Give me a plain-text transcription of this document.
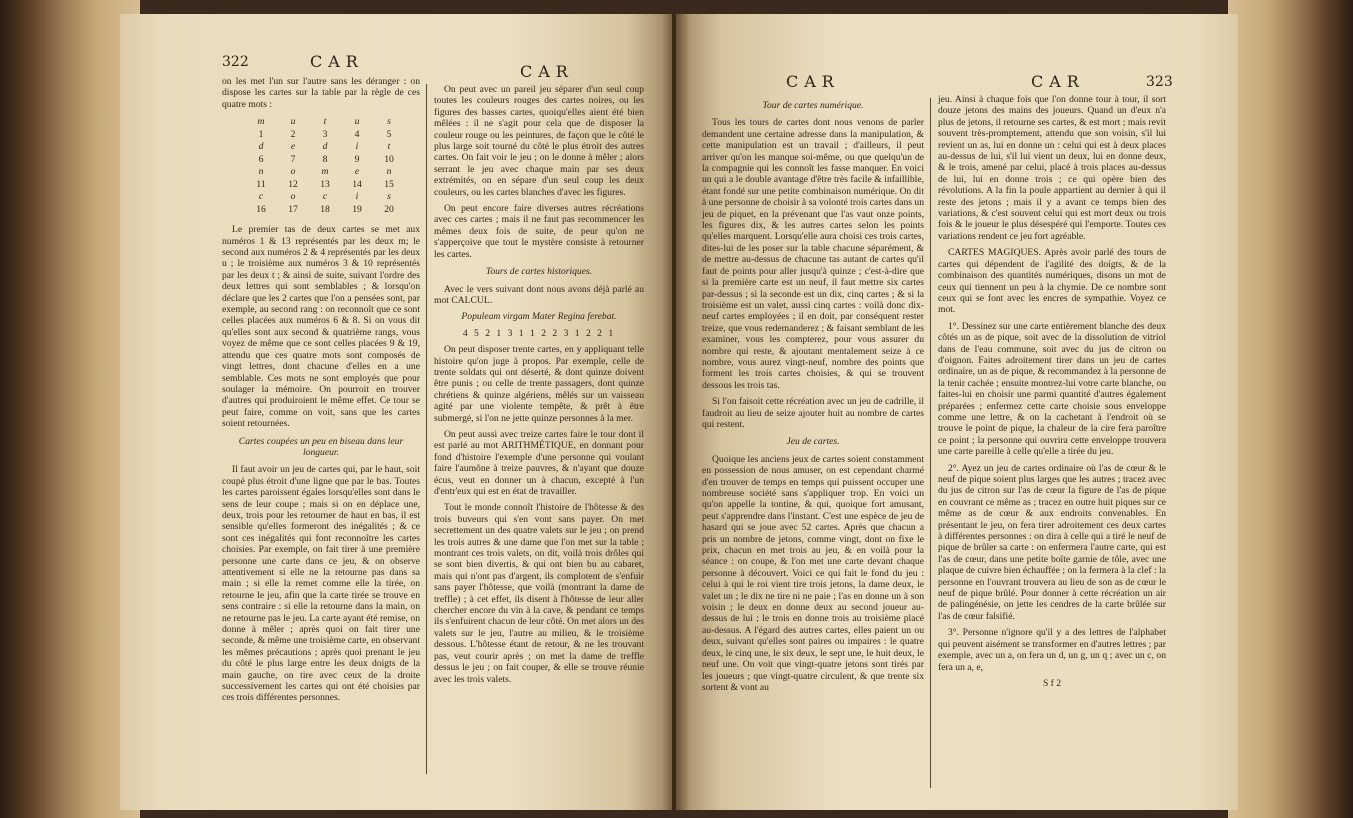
322	CAR
CAR

on les met l'un sur l'autre sans les déranger : on dispose les cartes sur la table par la règle de ces quatre mots :

m	u	t	u	s
1	2	3	4	5
d	e	d	i	t
6	7	8	9	10
n	o	m	e	n
11	12	13	14	15
c	o	c	i	s
16	17	18	19	20

Le premier tas de deux cartes se met aux numéros 1 & 13 représentés par les deux m; le second aux numéros 2 & 4 représentés par les deux u ; le troisième aux numéros 3 & 10 représentés par les deux t ; & ainsi de suite, suivant l'ordre des deux lettres qui sont semblables ; & lorsqu'on déclare que les 2 cartes que l'on a pensées sont, par exemple, au second rang : on reconnoît que ce sont celles placées aux numéros 6 & 8. Si on vous dit qu'elles sont aux second & quatrième rangs, vous voyez de même que ce sont celles placées 9 & 19, attendu que ces quatre mots sont composés de vingt lettres, dont chacune d'elles en a une semblable. Ces mots ne sont employés que pour soulager la mémoire. On pourroit en trouver d'autres qui produiroient le même effet. Ce tour se peut faire, comme on voit, sans que les cartes soient retournées.

Cartes coupées un peu en biseau dans leur longueur.

Il faut avoir un jeu de cartes qui, par le haut, soit coupé plus étroit d'une ligne que par le bas. Toutes les cartes paroissent égales lorsqu'elles sont dans le sens de leur coupe ; mais si on en déplace une, deux, trois pour les retourner de haut en bas, il est sensible qu'elles formeront des inégalités ; & ce sont ces inégalités qui font reconnoître les cartes choisies. Par exemple, on fait tirer à une première personne une carte dans ce jeu, & on observe attentivement si elle ne la retourne pas dans sa main ; si elle la remet comme elle la tirée, on retourne le jeu, afin que la carte tirée se trouve en sens contraire : si elle la retourne dans la main, on ne retourne pas le jeu. La carte ayant été remise, on donne à mêler ; après quoi on fait tirer une seconde, & même une troisième carte, en observant les mêmes précautions ; après quoi prenant le jeu du côté le plus large entre les deux doigts de la main gauche, on tire avec ceux de la droite successivement les cartes qui ont été choisies par ces trois différentes personnes.

On peut avec un pareil jeu séparer d'un seul coup toutes les couleurs rouges des cartes noires, ou les figures des basses cartes, quoiqu'elles aient été bien mêlées : il ne s'agit pour cela que de disposer la couleur rouge ou les peintures, de façon que le côté le plus large soit tourné du côté le plus étroit des autres cartes. On fait voir le jeu ; on le donne à mêler ; alors serrant le jeu avec chaque main par ses deux extrémités, on en sépare d'un seul coup les deux couleurs, ou les cartes blanches d'avec les figures.

On peut encore faire diverses autres récréations avec ces cartes ; mais il ne faut pas recommencer les mêmes deux fois de suite, de peur qu'on ne s'apperçoive que tout le mystère consiste à retourner les cartes.

Tours de cartes historiques.

Avec le vers suivant dont nous avons déjà parlé au mot CALCUL.

Populeam virgam Mater Regina ferebat.

4 5 2 1 3 1 1 2 2 3 1 2 2 1

On peut disposer trente cartes, en y appliquant telle histoire qu'on juge à propos. Par exemple, celle de trente soldats qui ont déserté, & dont quinze doivent être punis ; ou celle de trente passagers, dont quinze chrétiens & quinze algériens, mêlés sur un vaisseau agité par une violente tempête, & prêt à être submergé, si l'on ne jette quinze personnes à la mer.

On peut aussi avec treize cartes faire le tour dont il est parlé au mot ARITHMÉTIQUE, en donnant pour fond d'histoire l'exemple d'une personne qui voulant faire l'aumône à treize pauvres, & n'ayant que douze écus, veut en donner un à chacun, excepté à l'un d'entr'eux qui est en état de travailler.

Tout le monde connoît l'histoire de l'hôtesse & des trois buveurs qui s'en vont sans payer. On met secrettement un des quatre valets sur le jeu ; on prend les trois autres & une dame que l'on met sur la table ; montrant ces trois valets, on dit, voilà trois drôles qui se sont bien divertis, & qui ont bien bu au cabaret, mais qui n'ont pas d'argent, ils complotent de s'enfuir sans payer l'hôtesse, que voilà (montrant la dame de treffle) ; à cet effet, ils disent à l'hôtesse de leur aller chercher encore du vin à la cave, & pendant ce temps ils s'enfuirent chacun de leur côté. On met alors un des valets sur le jeu, l'autre au milieu, & le troisième dessous. L'hôtesse étant de retour, & ne les trouvant pas, veut courir après ; on met la dame de treffle dessus le jeu ; on fait couper, & elle se trouve réunie avec les trois valets.

CAR	CAR	323

Tour de cartes numérique.

Tous les tours de cartes dont nous venons de parler demandent une certaine adresse dans la manipulation, & cette manipulation est un travail ; d'ailleurs, il peut arriver qu'on les manque soi-même, ou que quelqu'un de la compagnie qui les connoît les fasse manquer. En voici un qui a le double avantage d'être très facile & infaillible, étant fondé sur une petite combinaison numérique. On dit à une personne de choisir à sa volonté trois cartes dans un jeu de piquet, en la prévenant que l'as vaut onze points, les figures dix, & les autres cartes selon les points qu'elles marquent. Lorsqu'elle aura choisi ces trois cartes, dites-lui de les poser sur la table chacune séparément, & de mettre au-dessus de chacune tas autant de cartes qu'il faut de points pour aller jusqu'à quinze ; c'est-à-dire que si la première carte est un neuf, il faut mettre six cartes par-dessus ; si la seconde est un dix, cinq cartes ; & si la troisième est un valet, aussi cinq cartes : voilà donc dix-neuf cartes employées ; il en doit, par conséquent rester treize, que vous redemanderez ; & faisant semblant de les examiner, vous les compterez, pour vous assurer du nombre qui reste, & ajoutant mentalement seize à ce nombre, vous aurez vingt-neuf, nombre des points que forment les trois cartes choisies, & qui se trouvent dessous les trois tas.

Si l'on faisoit cette récréation avec un jeu de cadrille, il faudroit au lieu de seize ajouter huit au nombre de cartes qui restent.

Jeu de cartes.

Quoique les anciens jeux de cartes soient constamment en possession de nous amuser, on est cependant charmé d'en trouver de temps en temps qui puissent occuper une nombreuse société sans s'appliquer trop. En voici un qu'on appelle la tontine, & qui, quoique fort amusant, peut s'apprendre dans l'instant. C'est une espèce de jeu de hasard qui se joue avec 52 cartes. Après que chacun a pris un nombre de jetons, comme vingt, dont on fixe le prix, chacun en met trois au jeu, & en voilà pour la séance : on coupe, & l'on met une carte devant chaque personne à découvert. Voici ce qui fait le fond du jeu : celui à qui le roi vient tire trois jetons, la dame deux, le valet un ; le dix ne tire ni ne paie ; l'as en donne un à son voisin ; le deux en donne deux au second joueur au-dessus de lui ; le trois en donne trois au troisième placé au-dessus. A l'égard des autres cartes, elles paient un ou deux, suivant qu'elles sont paires ou impaires : le quatre deux, le cinq une, le six deux, le sept une, le huit deux, le neuf une. On voit que vingt-quatre jetons sont tirés par les joueurs ; que vingt-quatre circulent, & que trente six sortent & vont au

jeu. Ainsi à chaque fois que l'on donne tour à tour, il sort douze jetons des mains des joueurs. Quand un d'eux n'a plus de jetons, il retourne ses cartes, & est mort ; mais revit souvent très-promptement, attendu que son voisin, s'il lui revient un as, lui en donne un : celui qui est à deux places au-dessus de lui, s'il lui vient un deux, lui en donne deux, & le trois, amené par celui, placé à trois places au-dessus de lui, lui en donne trois ; ce qui opère bien des révolutions. A la fin la poule appartient au dernier à qui il reste des jetons ; mais il y a avant ce temps bien des variations, & c'est souvent celui qui est mort deux ou trois fois & le joueur le plus désespéré qui l'emporte. Toutes ces variations rendent ce jeu fort agréable.

CARTES MAGIQUES. Après avoir parlé des tours de cartes qui dépendent de l'agilité des doigts, & de la combinaison des quantités numériques, disons un mot de ceux qui tiennent un peu à la chymie. De ce nombre sont ceux qui se font avec les encres de sympathie. Voyez ce mot.

1°. Dessinez sur une carte entièrement blanche des deux côtés un as de pique, soit avec de la dissolution de vitriol dans de l'eau commune, soit avec du jus de citron ou d'oignon. Faites adroitement tirer dans un jeu de cartes ordinaire, un as de pique, & recommandez à la personne de la tenir cachée ; ensuite montrez-lui votre carte blanche, ou faites-lui en choisir une parmi quantité d'autres également préparées ; enfermez cette carte choisie sous enveloppe comme une lettre, & on la cachetant à l'endroit où se trouve le point de pique, la chaleur de la cire fera paroître ce point ; la personne qui ouvrira cette enveloppe trouvera une carte pareille à celle qu'elle a tirée du jeu.

2°. Ayez un jeu de cartes ordinaire où l'as de cœur & le neuf de pique soient plus larges que les autres ; tracez avec du jus de citron sur l'as de cœur la figure de l'as de pique en couvrant ce même as ; tracez en outre huit piques sur ce même as de cœur & aux endroits convenables. En présentant le jeu, on fera tirer adroitement ces deux cartes à différentes personnes : on dira à celle qui a tiré le neuf de pique de brûler sa carte : on enfermera l'autre carte, qui est l'as de cœur, dans une petite boîte garnie de tôle, avec une plaque de cuivre bien échauffée ; on la fermera à la clef : la personne en l'ouvrant trouvera au lieu de son as de cœur le neuf de pique brûlé. Pour donner à cette récréation un air de palingénésie, on jette les cendres de la carte brûlée sur l'as de cœur falsifié.

3°. Personne n'ignore qu'il y a des lettres de l'alphabet qui peuvent aisément se transformer en d'autres lettres ; par exemple, avec un a, on fera un d, un g, un q ; avec un c, on fera un a, e,

S f 2
